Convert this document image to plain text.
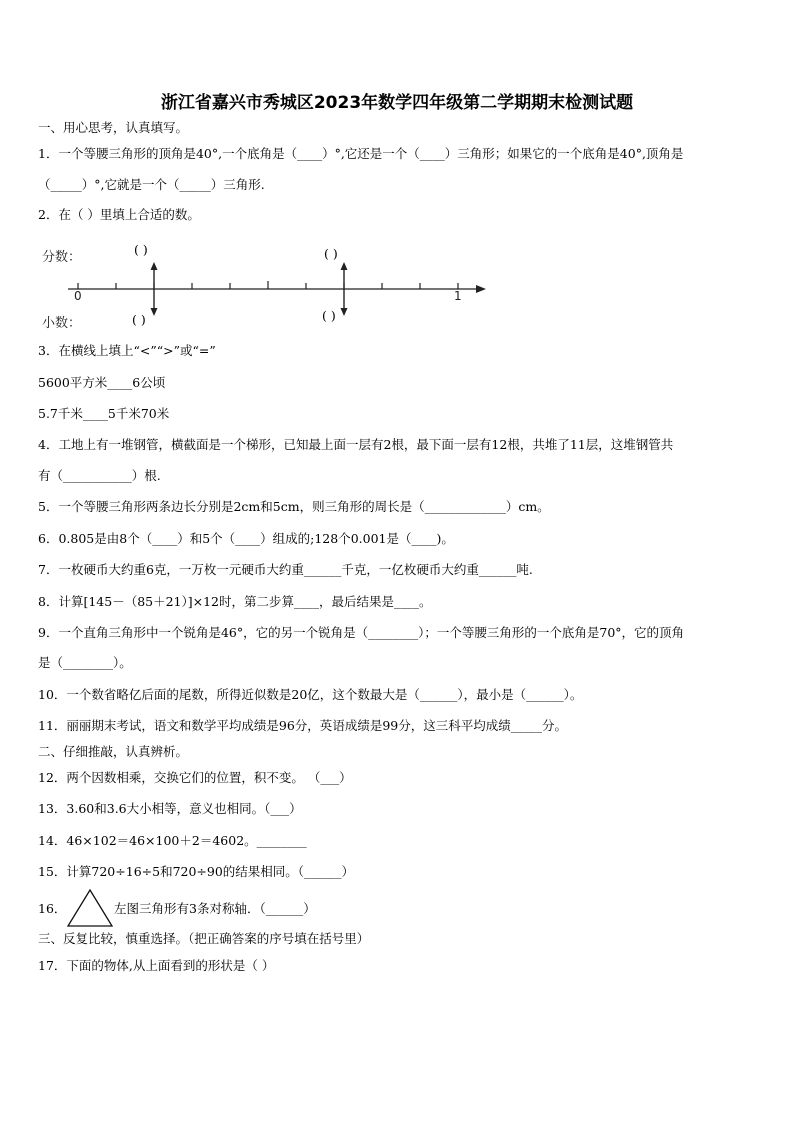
浙江省嘉兴市秀城区2023年数学四年级第二学期期末检测试题
一、用心思考，认真填写。
1．一个等腰三角形的顶角是40°,一个底角是（____）°,它还是一个（____）三角形；如果它的一个底角是40°,顶角是
（_____）°,它就是一个（_____）三角形.
2．在（ ）里填上合适的数。
分数：
小数：
( )	( )
( )	( )
0	1
3．在横线上填上“<”“>”或“=”
5600平方米____6公顷
5.7千米____5千米70米
4．工地上有一堆钢管，横截面是一个梯形，已知最上面一层有2根，最下面一层有12根，共堆了11层，这堆钢管共
有（___________）根.
5．一个等腰三角形两条边长分别是2cm和5cm，则三角形的周长是（_____________）cm。
6．0.805是由8个（____）和5个（____）组成的;128个0.001是（____)。
7．一枚硬币大约重6克，一万枚一元硬币大约重______千克，一亿枚硬币大约重______吨.
8．计算[145－（85＋21）]×12时，第二步算____，最后结果是____。
9．一个直角三角形中一个锐角是46°，它的另一个锐角是（________）；一个等腰三角形的一个底角是70°，它的顶角
是（________）。
10．一个数省略亿后面的尾数，所得近似数是20亿，这个数最大是（______），最小是（______）。
11．丽丽期末考试，语文和数学平均成绩是96分，英语成绩是99分，这三科平均成绩_____分。
二、仔细推敲，认真辨析。
12．两个因数相乘，交换它们的位置，积不变。 （___）
13．3.60和3.6大小相等，意义也相同。（___）
14．46×102＝46×100＋2＝4602。________
15．计算720÷16÷5和720÷90的结果相同。（______）
16．	左图三角形有3条对称轴．（______）
三、反复比较，慎重选择。（把正确答案的序号填在括号里）
17．下面的物体,从上面看到的形状是（ ）
